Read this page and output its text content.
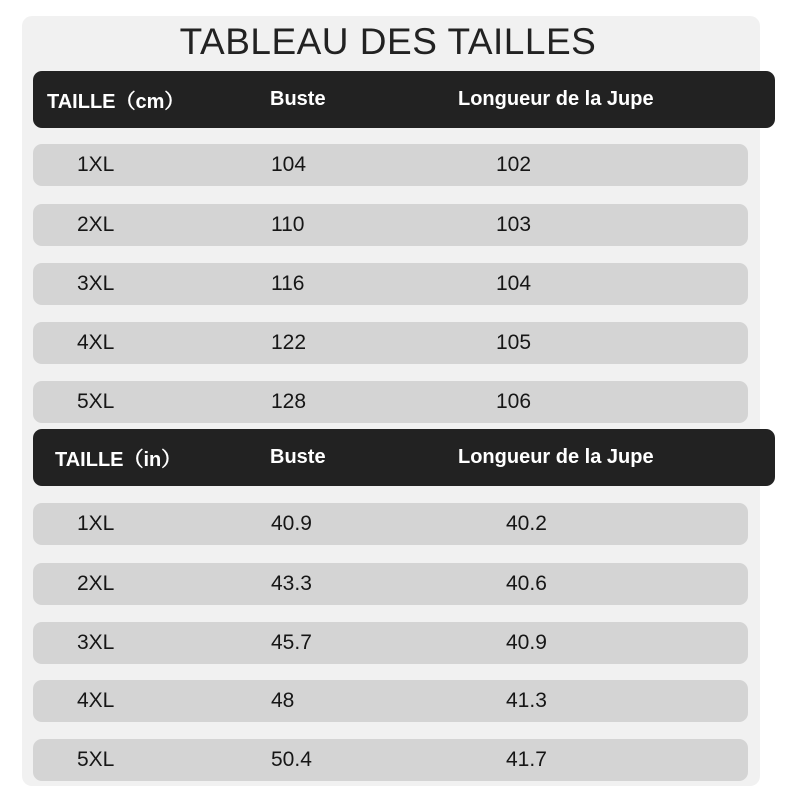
TABLEAU DES TAILLES
TAILLE（cm）	Buste	Longueur de la Jupe
1XL	104	102
2XL	110	103
3XL	116	104
4XL	122	105
5XL	128	106
TAILLE（in）	Buste	Longueur de la Jupe
1XL	40.9	40.2
2XL	43.3	40.6
3XL	45.7	40.9
4XL	48	41.3
5XL	50.4	41.7
